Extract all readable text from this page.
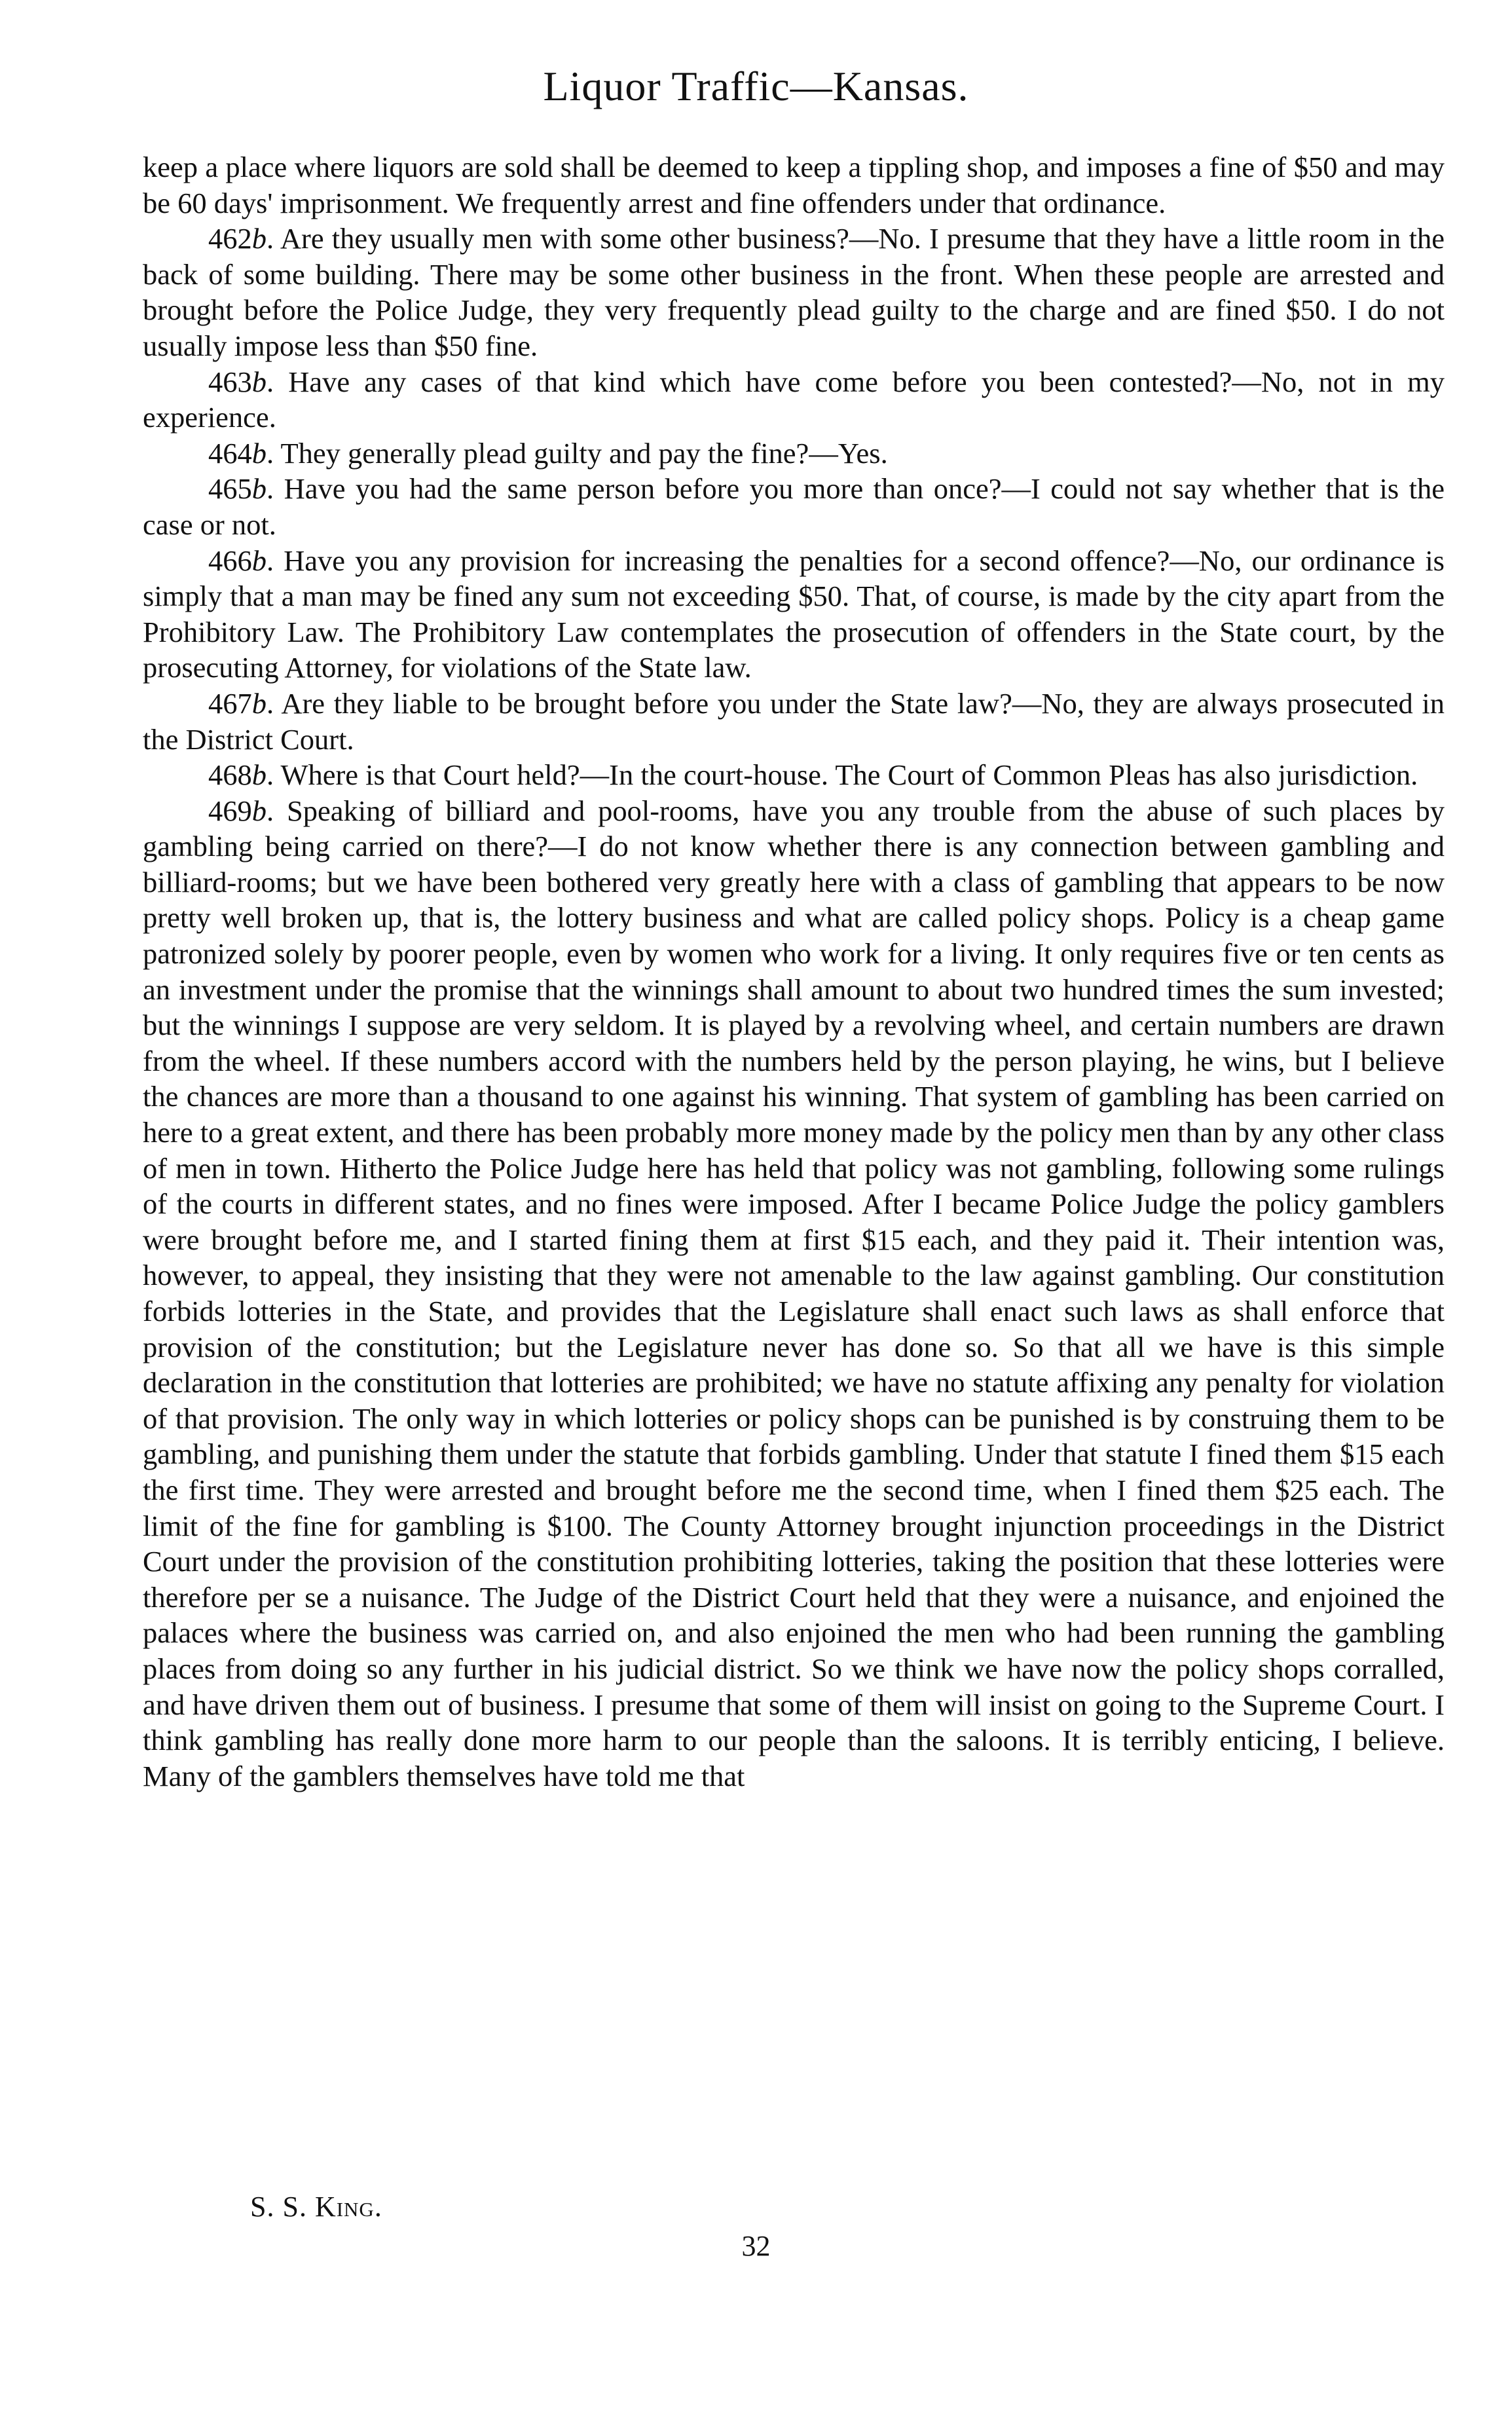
Liquor Traffic—Kansas.

keep a place where liquors are sold shall be deemed to keep a tippling shop, and imposes a fine of $50 and may be 60 days' imprisonment. We frequently arrest and fine offenders under that ordinance.

462b. Are they usually men with some other business?—No. I presume that they have a little room in the back of some building. There may be some other business in the front. When these people are arrested and brought before the Police Judge, they very frequently plead guilty to the charge and are fined $50. I do not usually impose less than $50 fine.

463b. Have any cases of that kind which have come before you been contested?—No, not in my experience.

464b. They generally plead guilty and pay the fine?—Yes.

465b. Have you had the same person before you more than once?—I could not say whether that is the case or not.

466b. Have you any provision for increasing the penalties for a second offence?—No, our ordinance is simply that a man may be fined any sum not exceeding $50. That, of course, is made by the city apart from the Prohibitory Law. The Prohibitory Law contemplates the prosecution of offenders in the State court, by the prosecuting Attorney, for violations of the State law.

467b. Are they liable to be brought before you under the State law?—No, they are always prosecuted in the District Court.

468b. Where is that Court held?—In the court-house. The Court of Common Pleas has also jurisdiction.

469b. Speaking of billiard and pool-rooms, have you any trouble from the abuse of such places by gambling being carried on there?—I do not know whether there is any connection between gambling and billiard-rooms; but we have been bothered very greatly here with a class of gambling that appears to be now pretty well broken up, that is, the lottery business and what are called policy shops. Policy is a cheap game patronized solely by poorer people, even by women who work for a living. It only requires five or ten cents as an investment under the promise that the winnings shall amount to about two hundred times the sum invested; but the winnings I suppose are very seldom. It is played by a revolving wheel, and certain numbers are drawn from the wheel. If these numbers accord with the numbers held by the person playing, he wins, but I believe the chances are more than a thousand to one against his winning. That system of gambling has been carried on here to a great extent, and there has been probably more money made by the policy men than by any other class of men in town. Hitherto the Police Judge here has held that policy was not gambling, following some rulings of the courts in different states, and no fines were imposed. After I became Police Judge the policy gamblers were brought before me, and I started fining them at first $15 each, and they paid it. Their intention was, however, to appeal, they insisting that they were not amenable to the law against gambling. Our constitution forbids lotteries in the State, and provides that the Legislature shall enact such laws as shall enforce that provision of the constitution; but the Legislature never has done so. So that all we have is this simple declaration in the constitution that lotteries are prohibited; we have no statute affixing any penalty for violation of that provision. The only way in which lotteries or policy shops can be punished is by construing them to be gambling, and punishing them under the statute that forbids gambling. Under that statute I fined them $15 each the first time. They were arrested and brought before me the second time, when I fined them $25 each. The limit of the fine for gambling is $100. The County Attorney brought injunction proceedings in the District Court under the provision of the constitution prohibiting lotteries, taking the position that these lotteries were therefore per se a nuisance. The Judge of the District Court held that they were a nuisance, and enjoined the palaces where the business was carried on, and also enjoined the men who had been running the gambling places from doing so any further in his judicial district. So we think we have now the policy shops corralled, and have driven them out of business. I presume that some of them will insist on going to the Supreme Court. I think gambling has really done more harm to our people than the saloons. It is terribly enticing, I believe. Many of the gamblers themselves have told me that

S. S. King.
32
